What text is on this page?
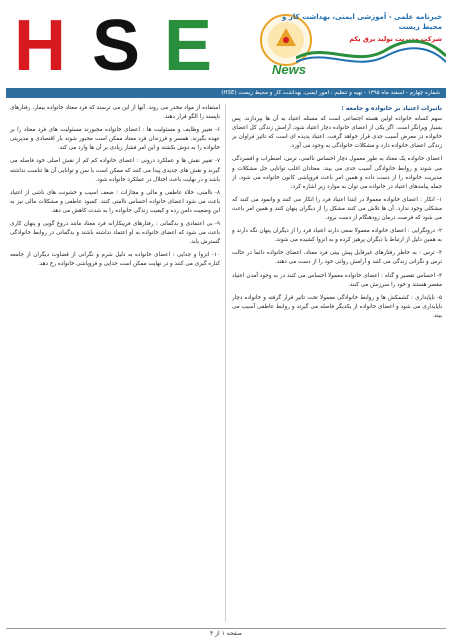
H S E	News
خبرنامه علمی - آموزشی ایمنی، بهداشت کار و محیط زیست
شرکت مدیریت تولید برق یکم
شماره چهارم - اسفند ماه ۱۳۹۵ - تهیه و تنظیم : امور ایمنی، بهداشت کار و محیط زیست (HSE)
تاثیرات اعتیاد بر خانواده و جامعه :

سهم کسانه خانواده اولین هسته اجتماعی است که مسئله اعتیاد به آن ها بپردازند. پس بسیار ویرانگر است. اگر یکی از اعضای خانواده دچار اعتیاد شود، آرامش زندگی کل اعضای خانواده در معرض آسیب جدی قرار خواهد گرفت. اعتیاد پدیده ای است که تاثیر فراوان بر زندگی اعضای خانواده دارد و مشکلات خانوادگی به وجود می آورد.

اعضای خانواده یک معتاد به طور معمول دچار احساس ناامنی، ترس، اضطراب و افسردگی می شوند و روابط خانوادگی آسیب جدی می بیند. معتادان اغلب توانایی حل مشکلات و مدیریت خانواده را از دست داده و همین امر باعث فروپاشی کانون خانواده می شود. از جمله پیامدهای اعتیاد در خانواده می توان به موارد زیر اشاره کرد:

۱- انکار : اعضای خانواده معمولا در ابتدا اعتیاد فرد را انکار می کنند و وانمود می کنند که مشکلی وجود ندارد. آن ها تلاش می کنند مشکل را از دیگران پنهان کنند و همین امر باعث می شود که فرصت درمان زودهنگام از دست برود.

۲- درونگرایی : اعضای خانواده معمولا سعی دارند اعتیاد فرد را از دیگران پنهان نگه دارند و به همین دلیل از ارتباط با دیگران پرهیز کرده و به انزوا کشیده می شوند.

۳- ترس : به خاطر رفتارهای غیرقابل پیش بینی فرد معتاد، اعضای خانواده دائما در حالت ترس و نگرانی زندگی می کنند و آرامش روانی خود را از دست می دهند.

۴- احساس تقصیر و گناه : اعضای خانواده معمولا احساس می کنند در به وجود آمدن اعتیاد مقصر هستند و خود را سرزنش می کنند.

۵- ناپایداری : کشمکش ها و روابط خانوادگی معمولا تحت تاثیر قرار گرفته و خانواده دچار ناپایداری می شود و اعضای خانواده از یکدیگر فاصله می گیرند و روابط عاطفی آسیب می بیند.

استفاده از مواد مخدر می روند. آنها از این می ترسند که فرد معتاد خانواده بیمار، رفتارهای ناپسند را الگو قرار دهند.

۶- تغییر وظایف و مسئولیت ها : اعضای خانواده مجبورند مسئولیت های فرد معتاد را بر عهده بگیرند. همسر و فرزندان فرد معتاد ممکن است مجبور شوند بار اقتصادی و مدیریتی خانواده را به دوش بکشند و این امر فشار زیادی بر آن ها وارد می کند.

۷- تغییر نقش ها و عملکرد درونی : اعضای خانواده کم کم از نقش اصلی خود فاصله می گیرند و نقش های جدیدی پیدا می کنند که ممکن است با سن و توانایی آن ها تناسب نداشته باشد و در نهایت باعث اختلال در عملکرد خانواده شود.

۸- ناامنی، خلاء عاطفی و مالی و مجازات : ضعف اسیب و خشونت های ناشی از اعتیاد باعث می شود اعضای خانواده احساس ناامنی کنند. کمبود عاطفی و مشکلات مالی نیز به این وضعیت دامن زده و کیفیت زندگی خانواده را به شدت کاهش می دهد.

۹- بی اعتمادی و بدگمانی : رفتارهای فریبکارانه فرد معتاد مانند دروغ گویی و پنهان کاری باعث می شود که اعضای خانواده به او اعتماد نداشته باشند و بدگمانی در روابط خانوادگی گسترش یابد.

۱۰- انزوا و جدایی : اعضای خانواده به دلیل شرم و نگرانی از قضاوت دیگران از جامعه کناره گیری می کنند و در نهایت ممکن است جدایی و فروپاشی خانواده رخ دهد.

صفحه ۱ از ۳
